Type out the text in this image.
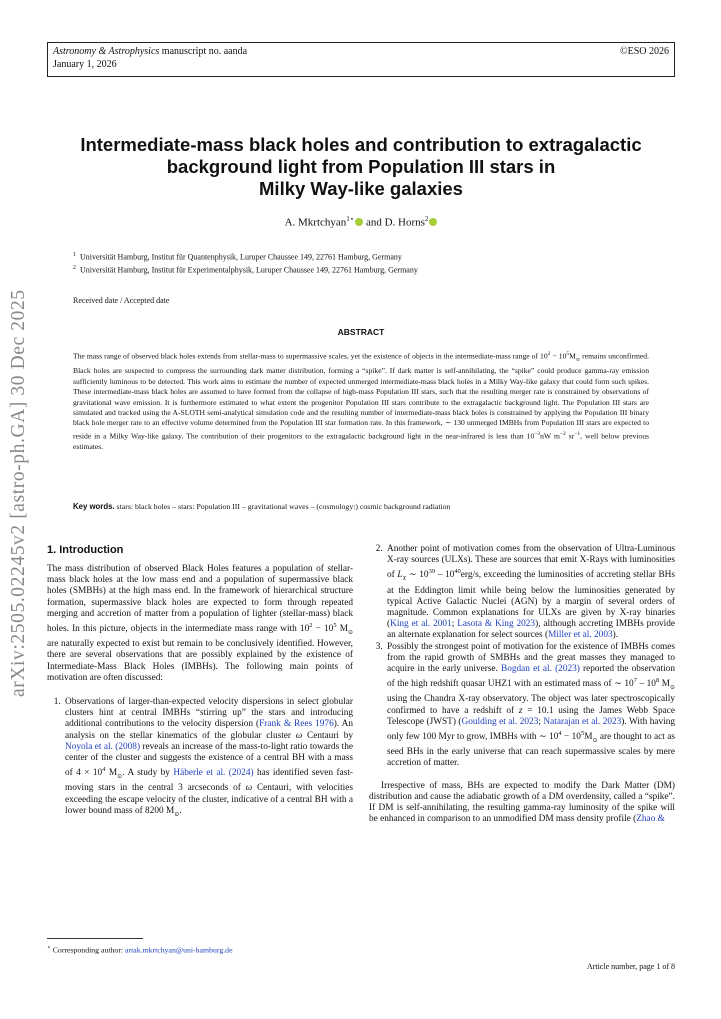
Astronomy & Astrophysics manuscript no. aanda
January 1, 2026
©ESO 2026
arXiv:2505.02245v2 [astro-ph.GA] 30 Dec 2025
Intermediate-mass black holes and contribution to extragalactic
background light from Population III stars in
Milky Way-like galaxies
A. Mkrtchyan$^{1⋆}$ and D. Horns$^2$
$^1$ Universität Hamburg, Institut für Quantenphysik, Luruper Chaussee 149, 22761 Hamburg, Germany
$^2$ Universität Hamburg, Institut für Experimentalphysik, Luruper Chaussee 149, 22761 Hamburg, Germany
Received date / Accepted date
ABSTRACT
The mass range of observed black holes extends from stellar-mass to supermassive scales, yet the existence of objects in the intermediate-mass range of $10^2 - 10^5M_⊙$ remains unconfirmed. Black holes are suspected to compress the surrounding dark matter distribution, forming a “spike”. If dark matter is self-annihilating, the “spike” could produce gamma-ray emission sufficiently luminous to be detected. This work aims to estimate the number of expected unmerged intermediate-mass black holes in a Milky Way-like galaxy that could form such spikes. These intermediate-mass black holes are assumed to have formed from the collapse of high-mass Population III stars, such that the resulting merger rate is constrained by observations of gravitational wave emission. It is furthermore estimated to what extent the progenitor Population III stars contribute to the extragalactic background light. The Population III stars are simulated and tracked using the A-SLOTH semi-analytical simulation code and the resulting number of intermediate-mass black holes is constrained by applying the Population III binary black hole merger rate to an effective volume determined from the Population III star formation rate. In this framework, ∼ 130 unmerged IMBHs from Population III stars are expected to reside in a Milky Way-like galaxy. The contribution of their progenitors to the extragalactic background light in the near-infrared is less than $10^{-3}nW$ $m^{-2}$ $sr^{-1}$, well below previous estimates.
Key words. stars: black holes – stars: Population III – gravitational waves – (cosmology:) cosmic background radiation
1. Introduction

The mass distribution of observed Black Holes features a population of stellar-mass black holes at the low mass end and a population of supermassive black holes (SMBHs) at the high mass end. In the framework of hierarchical structure formation, supermassive black holes are expected to form through repeated merging and accretion of matter from a population of lighter (stellar-mass) black holes. In this picture, objects in the intermediate mass range with $10^2 - 10^5$ $M_⊙$ are naturally expected to exist but remain to be conclusively identified. However, there are several observations that are possibly explained by the existence of Intermediate-Mass Black Holes (IMBHs). The following main points of motivation are often discussed:

1. Observations of larger-than-expected velocity dispersions in select globular clusters hint at central IMBHs “stirring up” the stars and introducing additional contributions to the velocity dispersion (Frank & Rees 1976). An analysis on the stellar kinematics of the globular cluster ω Centauri by Noyola et al. (2008) reveals an increase of the mass-to-light ratio towards the center of the cluster and suggests the existence of a central BH with a mass of $4 \times 10^4$ $M_⊙$. A study by Häberle et al. (2024) has identified seven fast-moving stars in the central 3 arcseconds of ω Centauri, with velocities exceeding the escape velocity of the cluster, indicative of a central BH with a lower bound mass of 8200 $M_⊙$.
2. Another point of motivation comes from the observation of Ultra-Luminous X-ray sources (ULXs). These are sources that emit X-Rays with luminosities of $L_X$ ∼ $10^{39} - 10^{40}erg/s$, exceeding the luminosities of accreting stellar BHs at the Eddington limit while being below the luminosities generated by typical Active Galactic Nuclei (AGN) by a margin of several orders of magnitude. Common explanations for ULXs are given by X-ray binaries (King et al. 2001; Lasota & King 2023), although accreting IMBHs provide an alternate explanation for select sources (Miller et al. 2003).
3. Possibly the strongest point of motivation for the existence of IMBHs comes from the rapid growth of SMBHs and the great masses they managed to acquire in the early universe. Bogdan et al. (2023) reported the observation of the high redshift quasar UHZ1 with an estimated mass of ∼ $10^7 - 10^8$ $M_⊙$ using the Chandra X-ray observatory. The object was later spectroscopically confirmed to have a redshift of z = 10.1 using the James Webb Space Telescope (JWST) (Goulding et al. 2023; Natarajan et al. 2023). With having only few 100 Myr to grow, IMBHs with ∼ $10^4 - 10^5M_⊙$ are thought to act as seed BHs in the early universe that can reach supermassive scales by mere accretion of matter.

Irrespective of mass, BHs are expected to modify the Dark Matter (DM) distribution and cause the adiabatic growth of a DM overdensity, called a “spike”. If DM is self-annihilating, the resulting gamma-ray luminosity of the spike will be enhanced in comparison to an unmodified DM mass density profile (Zhao &

⋆ Corresponding author: artak.mkrtchyan@uni-hamburg.de
Article number, page 1 of 8
